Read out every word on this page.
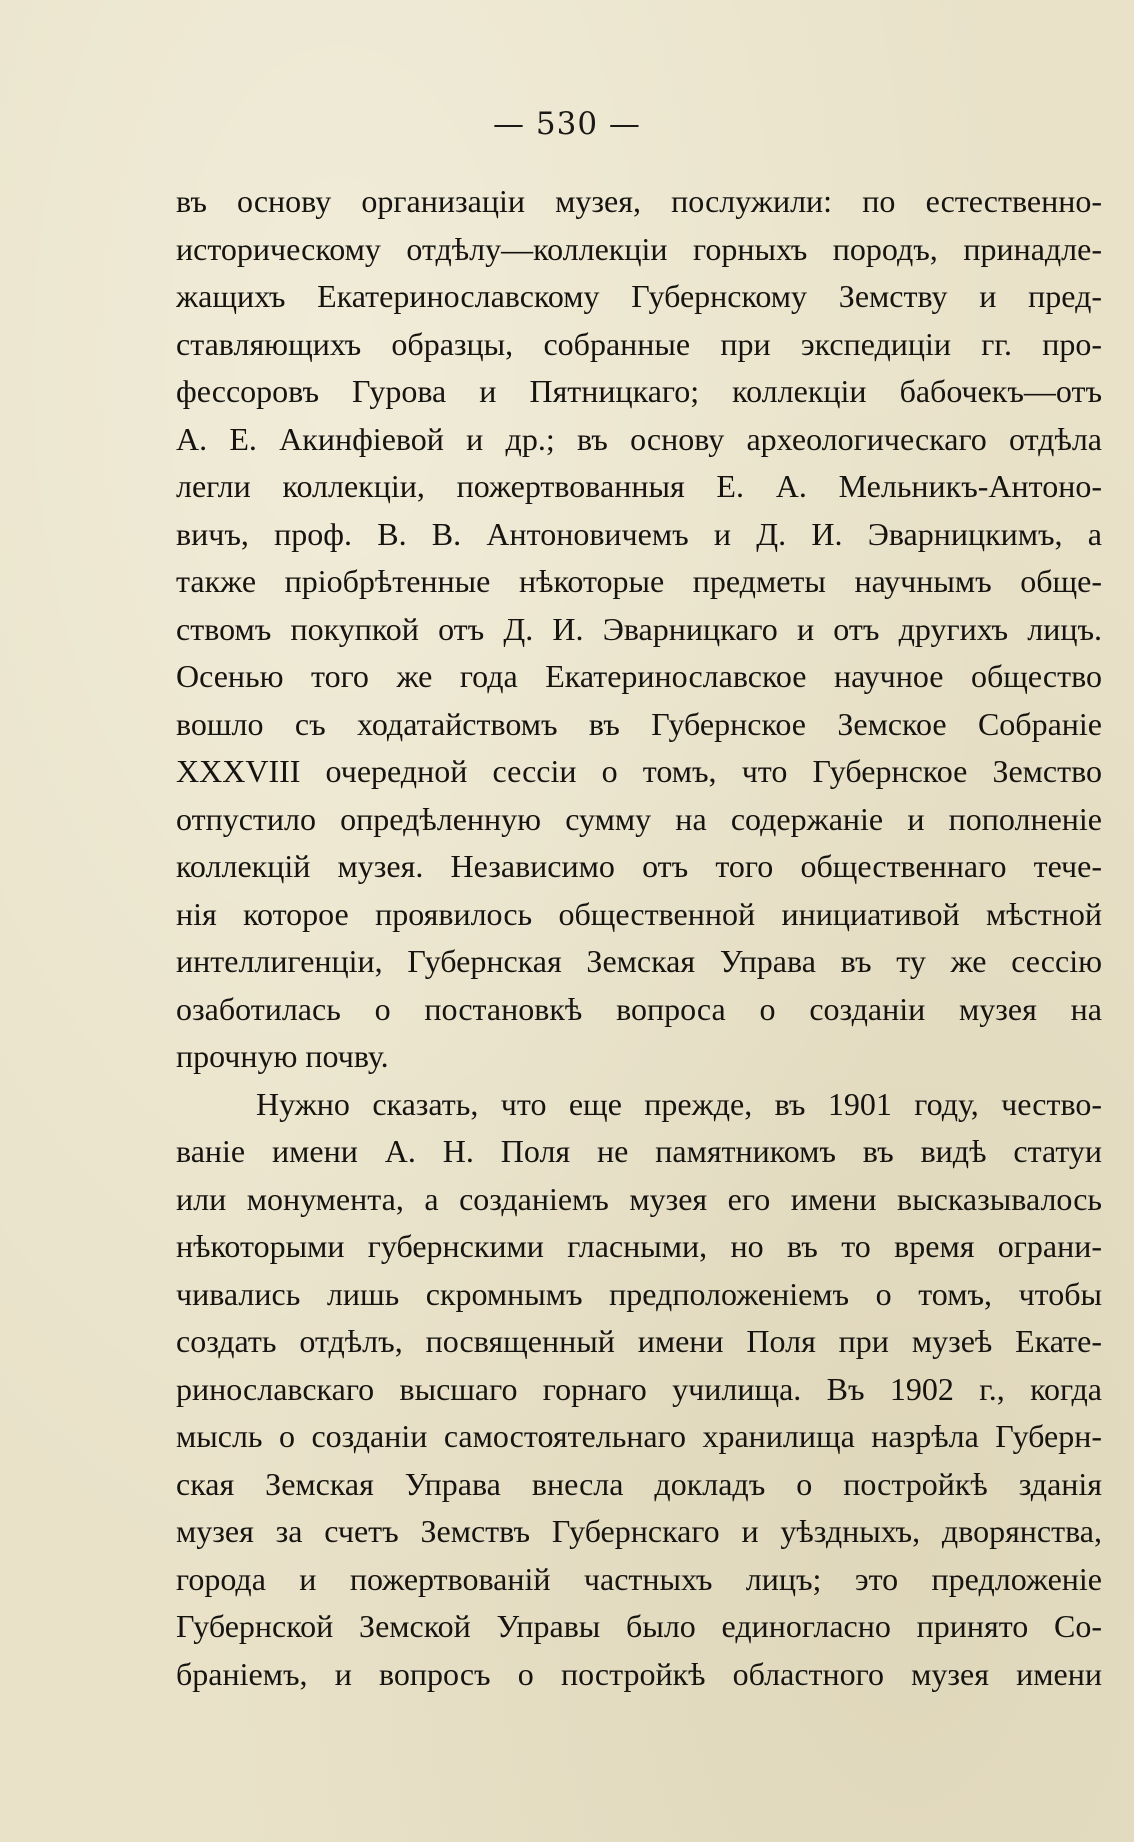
— 530 —
въ основу организаціи музея, послужили: по естественно-
историческому отдѣлу—коллекціи горныхъ породъ, принадле-
жащихъ Екатеринославскому Губернскому Земству и пред-
ставляющихъ образцы, собранные при экспедиціи гг. про-
фессоровъ Гурова и Пятницкаго; коллекціи бабочекъ—отъ
А. Е. Акинфіевой и др.; въ основу археологическаго отдѣла
легли коллекціи, пожертвованныя Е. А. Мельникъ-Антоно-
вичъ, проф. В. В. Антоновичемъ и Д. И. Эварницкимъ, а
также пріобрѣтенные нѣкоторые предметы научнымъ обще-
ствомъ покупкой отъ Д. И. Эварницкаго и отъ другихъ лицъ.
Осенью того же года Екатеринославское научное общество
вошло съ ходатайствомъ въ Губернское Земское Собраніе
XXXVIII очередной сессіи о томъ, что Губернское Земство
отпустило опредѣленную сумму на содержаніе и пополненіе
коллекцій музея. Независимо отъ того общественнаго тече-
нія которое проявилось общественной инициативой мѣстной
интеллигенціи, Губернская Земская Управа въ ту же сессію
озаботилась о постановкѣ вопроса о созданіи музея на
прочную почву.
Нужно сказать, что еще прежде, въ 1901 году, чество-
ваніе имени А. Н. Поля не памятникомъ въ видѣ статуи
или монумента, а созданіемъ музея его имени высказывалось
нѣкоторыми губернскими гласными, но въ то время ограни-
чивались лишь скромнымъ предположеніемъ о томъ, чтобы
создать отдѣлъ, посвященный имени Поля при музеѣ Екате-
ринославскаго высшаго горнаго училища. Въ 1902 г., когда
мысль о созданіи самостоятельнаго хранилища назрѣла Губерн-
ская Земская Управа внесла докладъ о постройкѣ зданія
музея за счетъ Земствъ Губернскаго и уѣздныхъ, дворянства,
города и пожертвованій частныхъ лицъ; это предложеніе
Губернской Земской Управы было единогласно принято Со-
браніемъ, и вопросъ о постройкѣ областного музея имени
